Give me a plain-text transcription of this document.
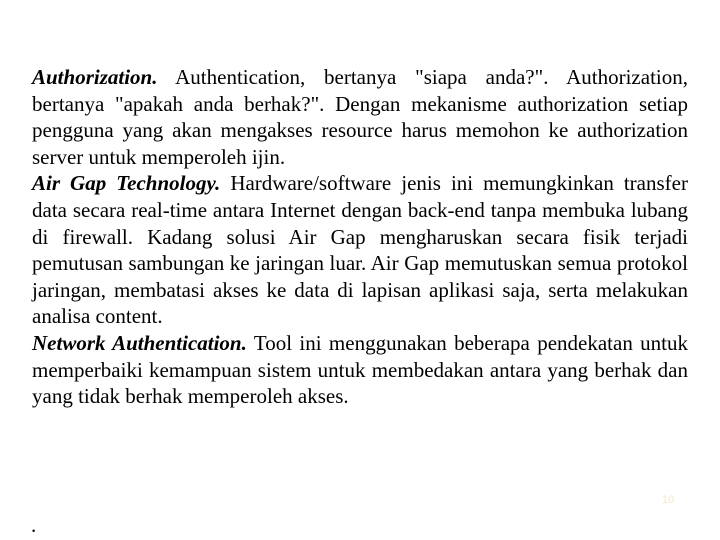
Authorization. Authentication, bertanya "siapa anda?". Authorization, bertanya "apakah anda berhak?". Dengan mekanisme authorization setiap pengguna yang akan mengakses resource harus memohon ke authorization server untuk memperoleh ijin.

Air Gap Technology. Hardware/software jenis ini memungkinkan transfer data secara real-time antara Internet dengan back-end tanpa membuka lubang di firewall. Kadang solusi Air Gap mengharuskan secara fisik terjadi pemutusan sambungan ke jaringan luar. Air Gap memutuskan semua protokol jaringan, membatasi akses ke data di lapisan aplikasi saja, serta melakukan analisa content.

Network Authentication. Tool ini menggunakan beberapa pendekatan untuk memperbaiki kemampuan sistem untuk membedakan antara yang berhak dan yang tidak berhak memperoleh akses.

10
.
